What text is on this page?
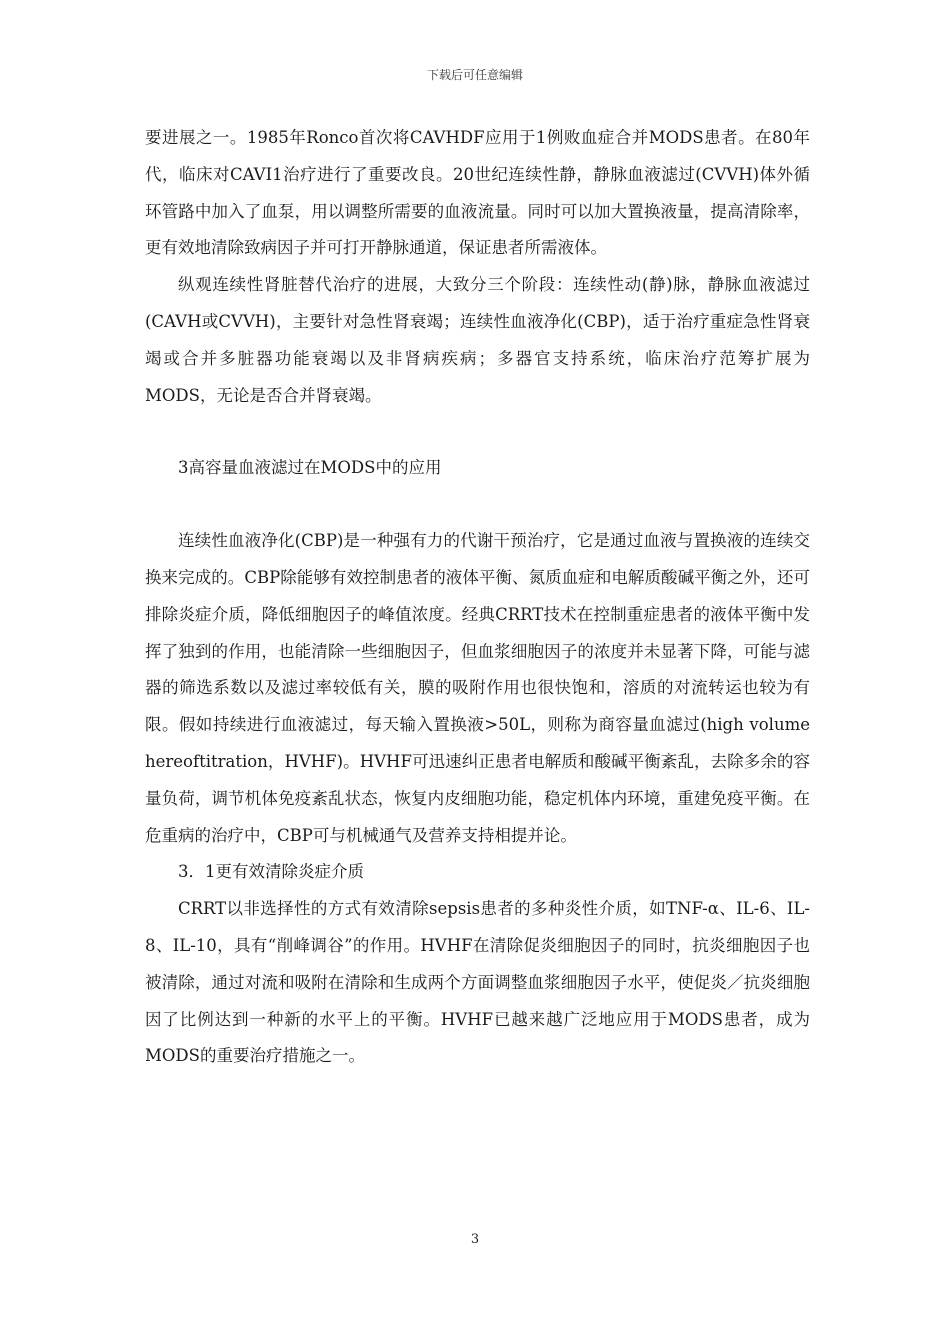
下载后可任意编辑

要进展之一。1985年Ronco首次将CAVHDF应用于1例败血症合并MODS患者。在80年代，临床对CAVI1治疗进行了重要改良。20世纪连续性静，静脉血液滤过(CVVH)体外循环管路中加入了血泵，用以调整所需要的血液流量。同时可以加大置换液量，提高清除率，更有效地清除致病因子并可打开静脉通道，保证患者所需液体。

纵观连续性肾脏替代治疗的进展，大致分三个阶段：连续性动(静)脉，静脉血液滤过(CAVH或CVVH)，主要针对急性肾衰竭；连续性血液净化(CBP)，适于治疗重症急性肾衰竭或合并多脏器功能衰竭以及非肾病疾病；多器官支持系统，临床治疗范筹扩展为MODS，无论是否合并肾衰竭。

3高容量血液滤过在MODS中的应用

连续性血液净化(CBP)是一种强有力的代谢干预治疗，它是通过血液与置换液的连续交换来完成的。CBP除能够有效控制患者的液体平衡、氮质血症和电解质酸碱平衡之外，还可排除炎症介质，降低细胞因子的峰值浓度。经典CRRT技术在控制重症患者的液体平衡中发挥了独到的作用，也能清除一些细胞因子，但血浆细胞因子的浓度并未显著下降，可能与滤器的筛选系数以及滤过率较低有关，膜的吸附作用也很快饱和，溶质的对流转运也较为有限。假如持续进行血液滤过，每天输入置换液>50L，则称为商容量血滤过(high volume hereoftitration，HVHF)。HVHF可迅速纠正患者电解质和酸碱平衡紊乱，去除多余的容量负荷，调节机体免疫紊乱状态，恢复内皮细胞功能，稳定机体内环境，重建免疫平衡。在危重病的治疗中，CBP可与机械通气及营养支持相提并论。

3．1更有效清除炎症介质

CRRT以非选择性的方式有效清除sepsis患者的多种炎性介质，如TNF-α、IL-6、IL-8、IL-10，具有“削峰调谷”的作用。HVHF在清除促炎细胞因子的同时，抗炎细胞因子也被清除，通过对流和吸附在清除和生成两个方面调整血浆细胞因子水平，使促炎／抗炎细胞因了比例达到一种新的水平上的平衡。HVHF已越来越广泛地应用于MODS患者，成为MODS的重要治疗措施之一。

3
